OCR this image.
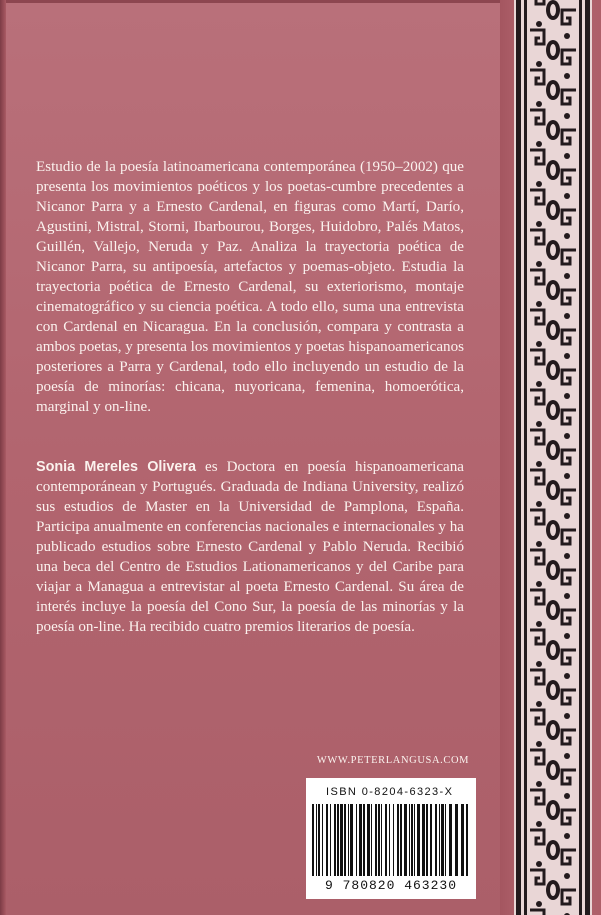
Estudio de la poesía latinoamericana contemporánea (1950–2002) que presenta los movimientos poéticos y los poetas-cumbre precedentes a Nicanor Parra y a Ernesto Cardenal, en figuras como Martí, Darío, Agustini, Mistral, Storni, Ibarbourou, Borges, Huidobro, Palés Matos, Guillén, Vallejo, Neruda y Paz. Analiza la trayectoria poética de Nicanor Parra, su antipoesía, artefactos y poemas-objeto. Estudia la trayectoria poética de Ernesto Cardenal, su exteriorismo, montaje cinematográfico y su ciencia poética. A todo ello, suma una entrevista con Cardenal en Nicaragua. En la conclusión, compara y contrasta a ambos poetas, y presenta los movimientos y poetas hispanoamericanos posteriores a Parra y Cardenal, todo ello incluyendo un estudio de la poesía de minorías: chicana, nuyoricana, femenina, homoerótica, marginal y on-line.

Sonia Mereles Olivera es Doctora en poesía hispanoamericana contemporánean y Portugués. Graduada de Indiana University, realizó sus estudios de Master en la Universidad de Pamplona, España. Participa anualmente en conferencias nacionales e internacionales y ha publicado estudios sobre Ernesto Cardenal y Pablo Neruda. Recibió una beca del Centro de Estudios Lationamericanos y del Caribe para viajar a Managua a entrevistar al poeta Ernesto Cardenal. Su área de interés incluye la poesía del Cono Sur, la poesía de las minorías y la poesía on-line. Ha recibido cuatro premios literarios de poesía.

WWW.PETERLANGUSA.COM
ISBN 0-8204-6323-X
9 780820 463230
